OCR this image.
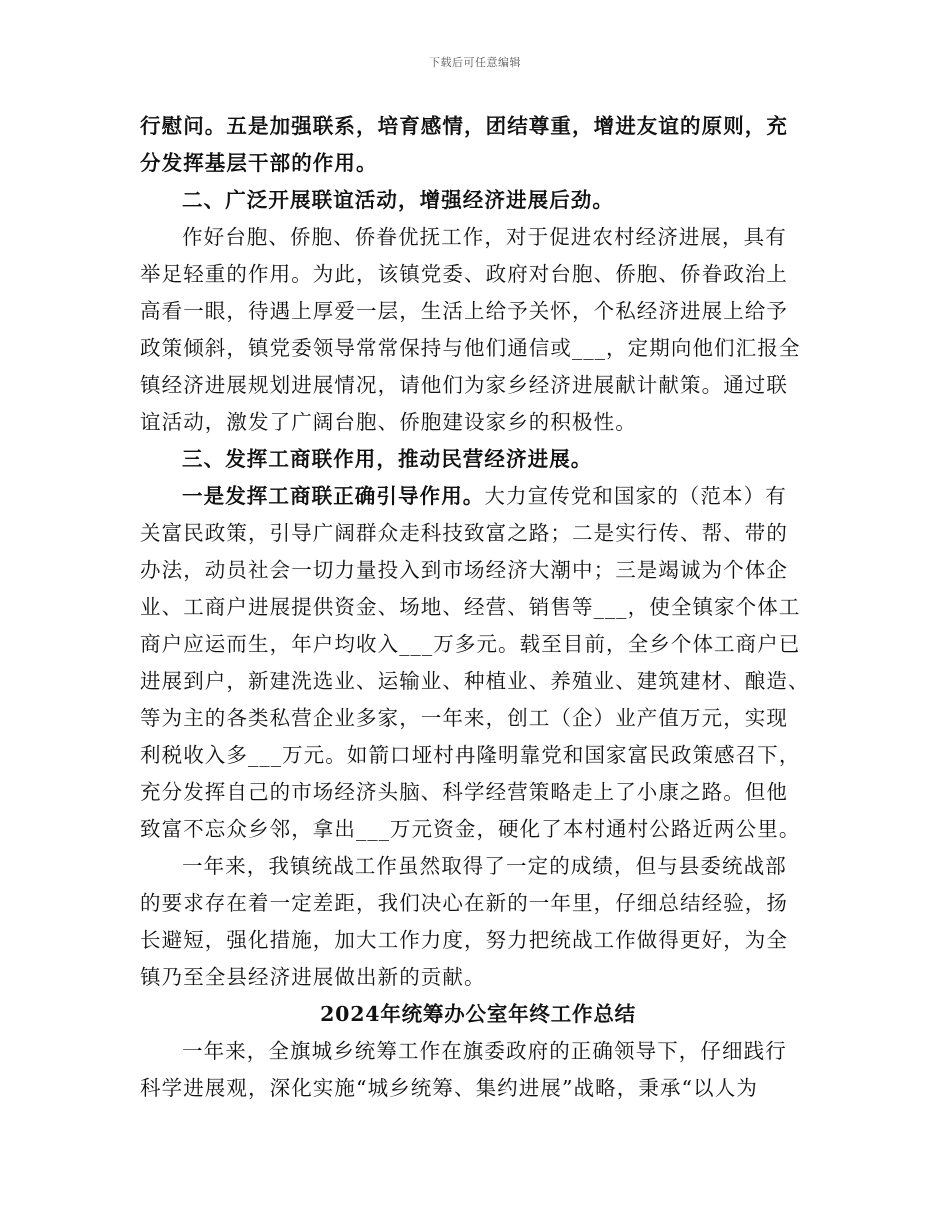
下载后可任意编辑
行慰问。五是加强联系，培育感情，团结尊重，增进友谊的原则，充
分发挥基层干部的作用。
二、广泛开展联谊活动，增强经济进展后劲。
作好台胞、侨胞、侨眷优抚工作，对于促进农村经济进展，具有
举足轻重的作用。为此，该镇党委、政府对台胞、侨胞、侨眷政治上
高看一眼，待遇上厚爱一层，生活上给予关怀，个私经济进展上给予
政策倾斜，镇党委领导常常保持与他们通信或___，定期向他们汇报全
镇经济进展规划进展情况，请他们为家乡经济进展献计献策。通过联
谊活动，激发了广阔台胞、侨胞建设家乡的积极性。
三、发挥工商联作用，推动民营经济进展。
一是发挥工商联正确引导作用。大力宣传党和国家的（范本）有
关富民政策，引导广阔群众走科技致富之路；二是实行传、帮、带的
办法，动员社会一切力量投入到市场经济大潮中；三是竭诚为个体企
业、工商户进展提供资金、场地、经营、销售等___，使全镇家个体工
商户应运而生，年户均收入___万多元。载至目前，全乡个体工商户已
进展到户，新建洗选业、运输业、种植业、养殖业、建筑建材、酿造、
等为主的各类私营企业多家，一年来，创工（企）业产值万元，实现
利税收入多___万元。如箭口垭村冉隆明靠党和国家富民政策感召下，
充分发挥自己的市场经济头脑、科学经营策略走上了小康之路。但他
致富不忘众乡邻，拿出___万元资金，硬化了本村通村公路近两公里。
一年来，我镇统战工作虽然取得了一定的成绩，但与县委统战部
的要求存在着一定差距，我们决心在新的一年里，仔细总结经验，扬
长避短，强化措施，加大工作力度，努力把统战工作做得更好，为全
镇乃至全县经济进展做出新的贡献。
2024年统筹办公室年终工作总结
一年来，全旗城乡统筹工作在旗委政府的正确领导下，仔细践行
科学进展观，深化实施“城乡统筹、集约进展”战略，秉承“以人为
